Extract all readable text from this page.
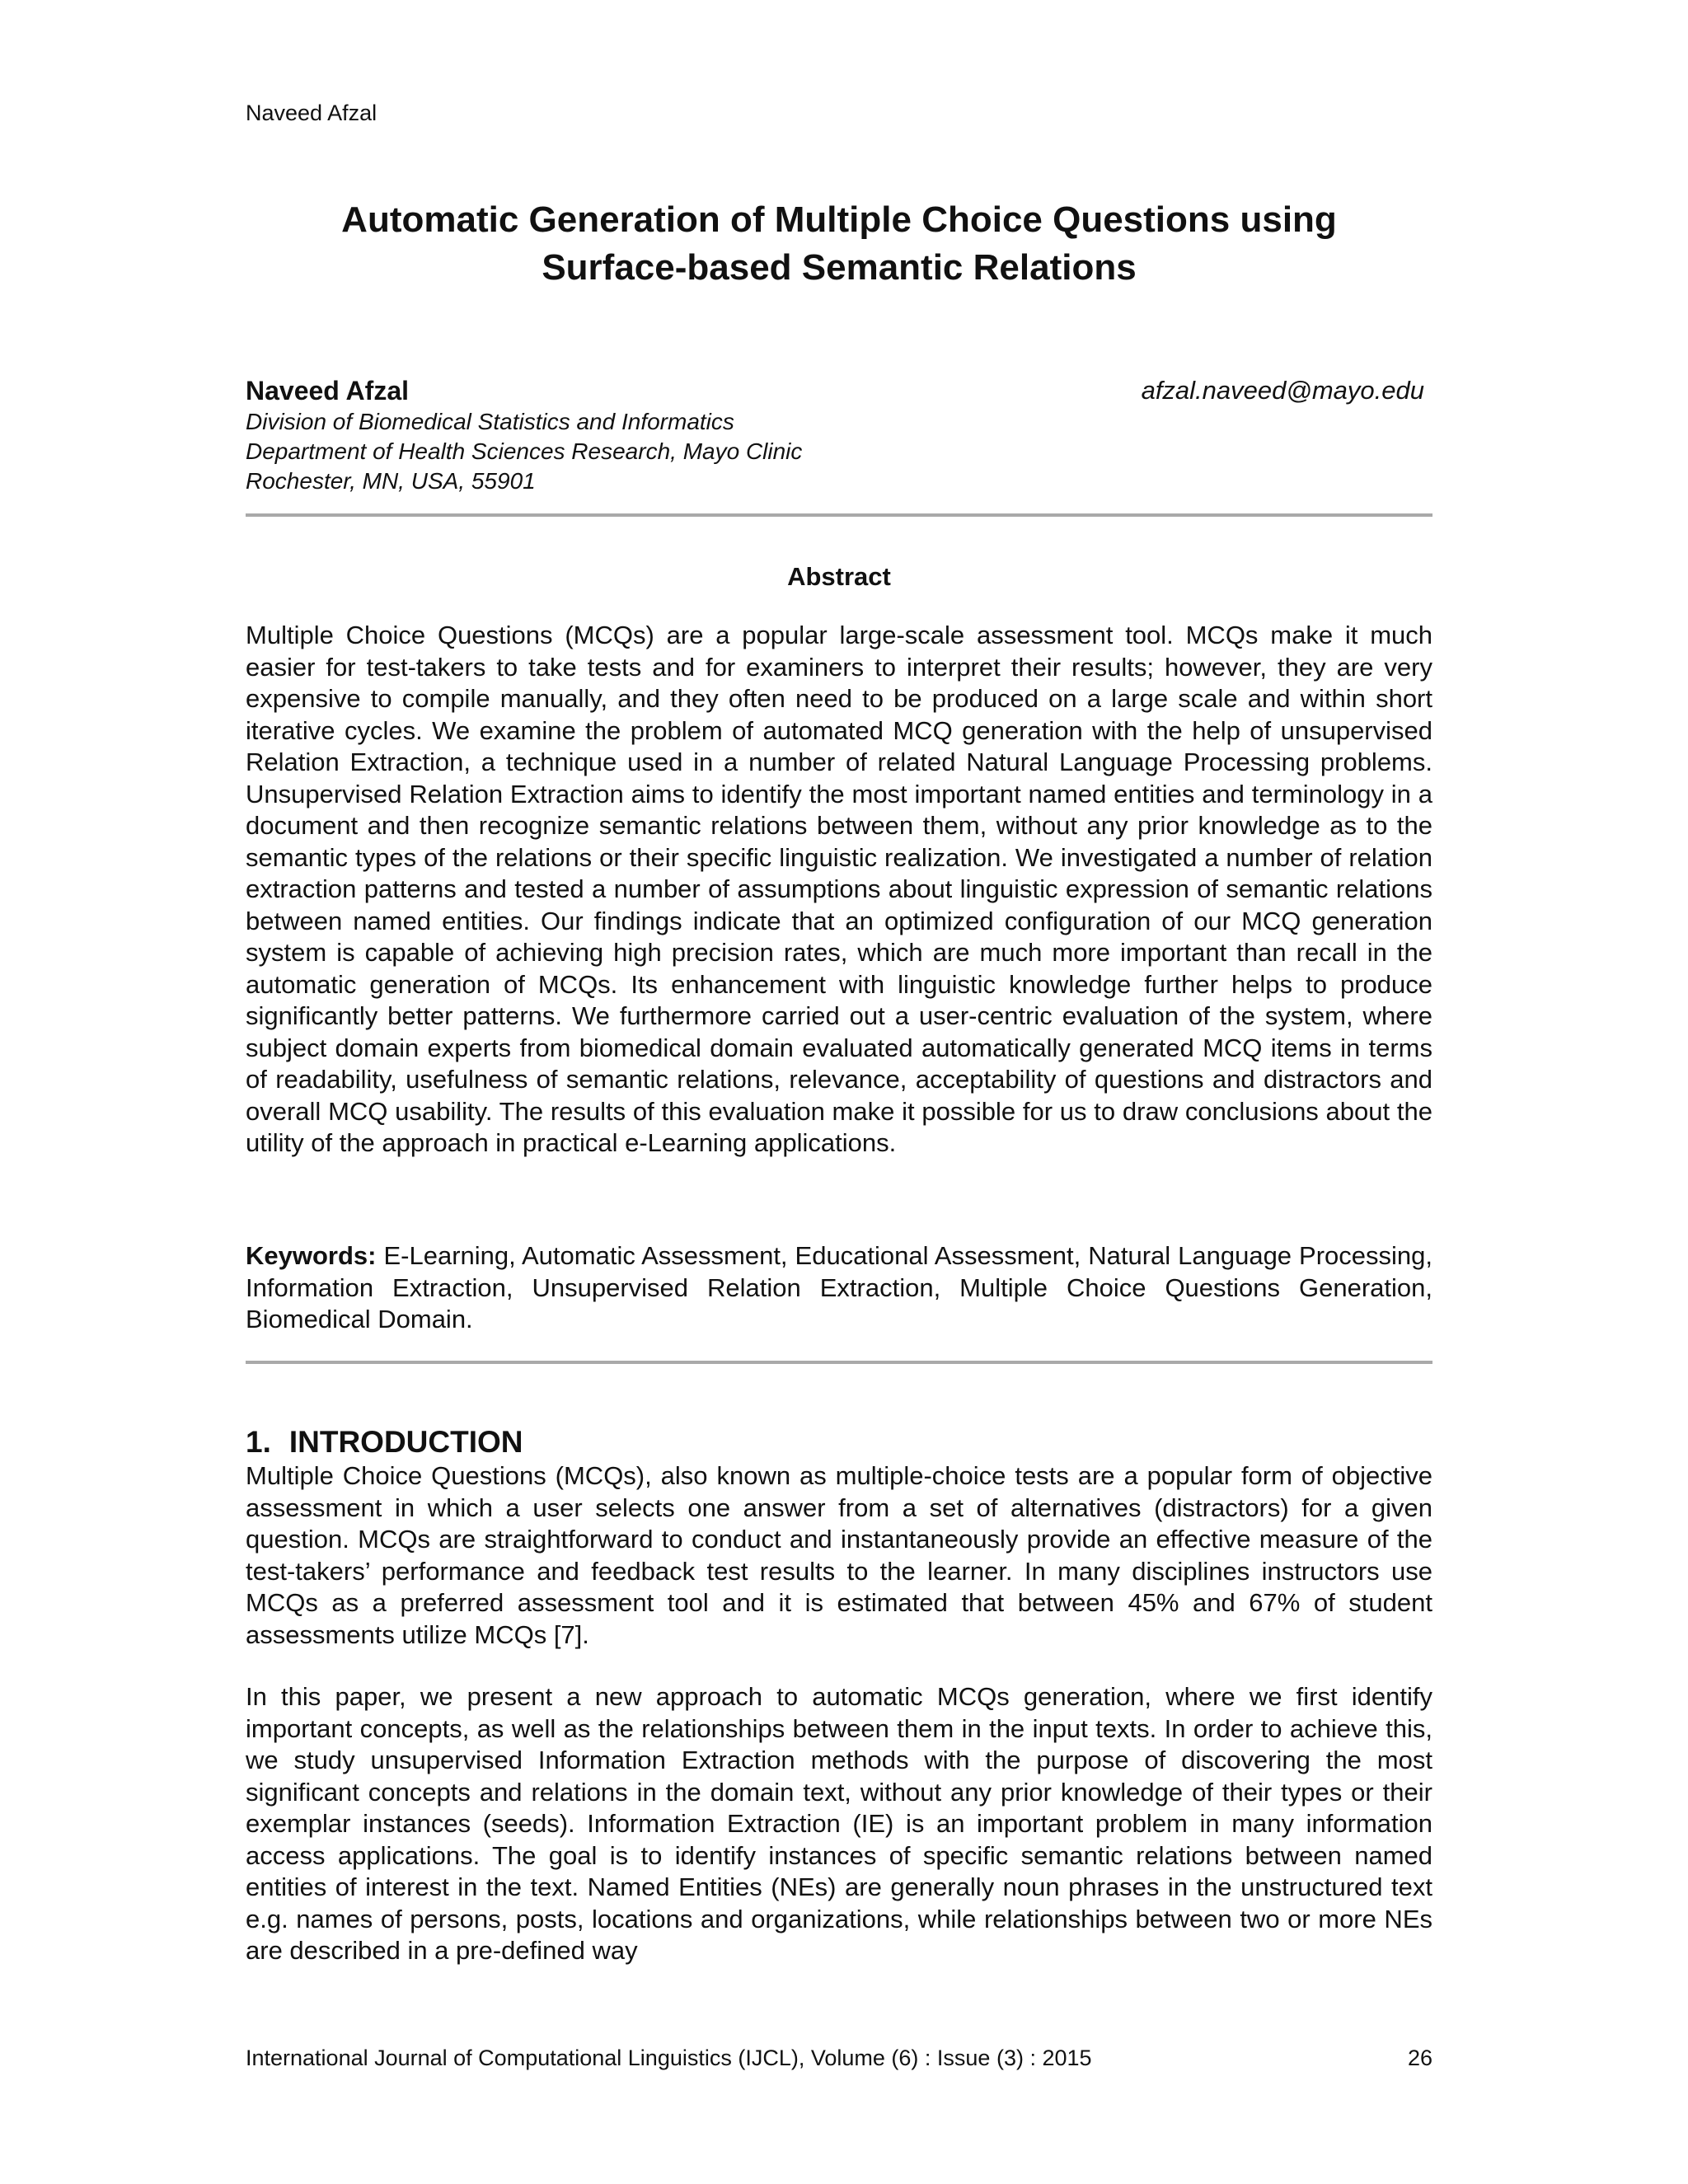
Naveed Afzal
Automatic Generation of Multiple Choice Questions using
Surface-based Semantic Relations
Naveed Afzal	afzal.naveed@mayo.edu
Division of Biomedical Statistics and Informatics
Department of Health Sciences Research, Mayo Clinic
Rochester, MN, USA, 55901
Abstract
Multiple Choice Questions (MCQs) are a popular large-scale assessment tool. MCQs make it much easier for test-takers to take tests and for examiners to interpret their results; however, they are very expensive to compile manually, and they often need to be produced on a large scale and within short iterative cycles. We examine the problem of automated MCQ generation with the help of unsupervised Relation Extraction, a technique used in a number of related Natural Language Processing problems. Unsupervised Relation Extraction aims to identify the most important named entities and terminology in a document and then recognize semantic relations between them, without any prior knowledge as to the semantic types of the relations or their specific linguistic realization. We investigated a number of relation extraction patterns and tested a number of assumptions about linguistic expression of semantic relations between named entities. Our findings indicate that an optimized configuration of our MCQ generation system is capable of achieving high precision rates, which are much more important than recall in the automatic generation of MCQs. Its enhancement with linguistic knowledge further helps to produce significantly better patterns. We furthermore carried out a user-centric evaluation of the system, where subject domain experts from biomedical domain evaluated automatically generated MCQ items in terms of readability, usefulness of semantic relations, relevance, acceptability of questions and distractors and overall MCQ usability. The results of this evaluation make it possible for us to draw conclusions about the utility of the approach in practical e-Learning applications.
Keywords: E-Learning, Automatic Assessment, Educational Assessment, Natural Language Processing, Information Extraction, Unsupervised Relation Extraction, Multiple Choice Questions Generation, Biomedical Domain.
1. INTRODUCTION
Multiple Choice Questions (MCQs), also known as multiple-choice tests are a popular form of objective assessment in which a user selects one answer from a set of alternatives (distractors) for a given question. MCQs are straightforward to conduct and instantaneously provide an effective measure of the test-takers’ performance and feedback test results to the learner. In many disciplines instructors use MCQs as a preferred assessment tool and it is estimated that between 45% and 67% of student assessments utilize MCQs [7].
In this paper, we present a new approach to automatic MCQs generation, where we first identify important concepts, as well as the relationships between them in the input texts. In order to achieve this, we study unsupervised Information Extraction methods with the purpose of discovering the most significant concepts and relations in the domain text, without any prior knowledge of their types or their exemplar instances (seeds). Information Extraction (IE) is an important problem in many information access applications. The goal is to identify instances of specific semantic relations between named entities of interest in the text. Named Entities (NEs) are generally noun phrases in the unstructured text e.g. names of persons, posts, locations and organizations, while relationships between two or more NEs are described in a pre-defined way
International Journal of Computational Linguistics (IJCL), Volume (6) : Issue (3) : 2015	26
